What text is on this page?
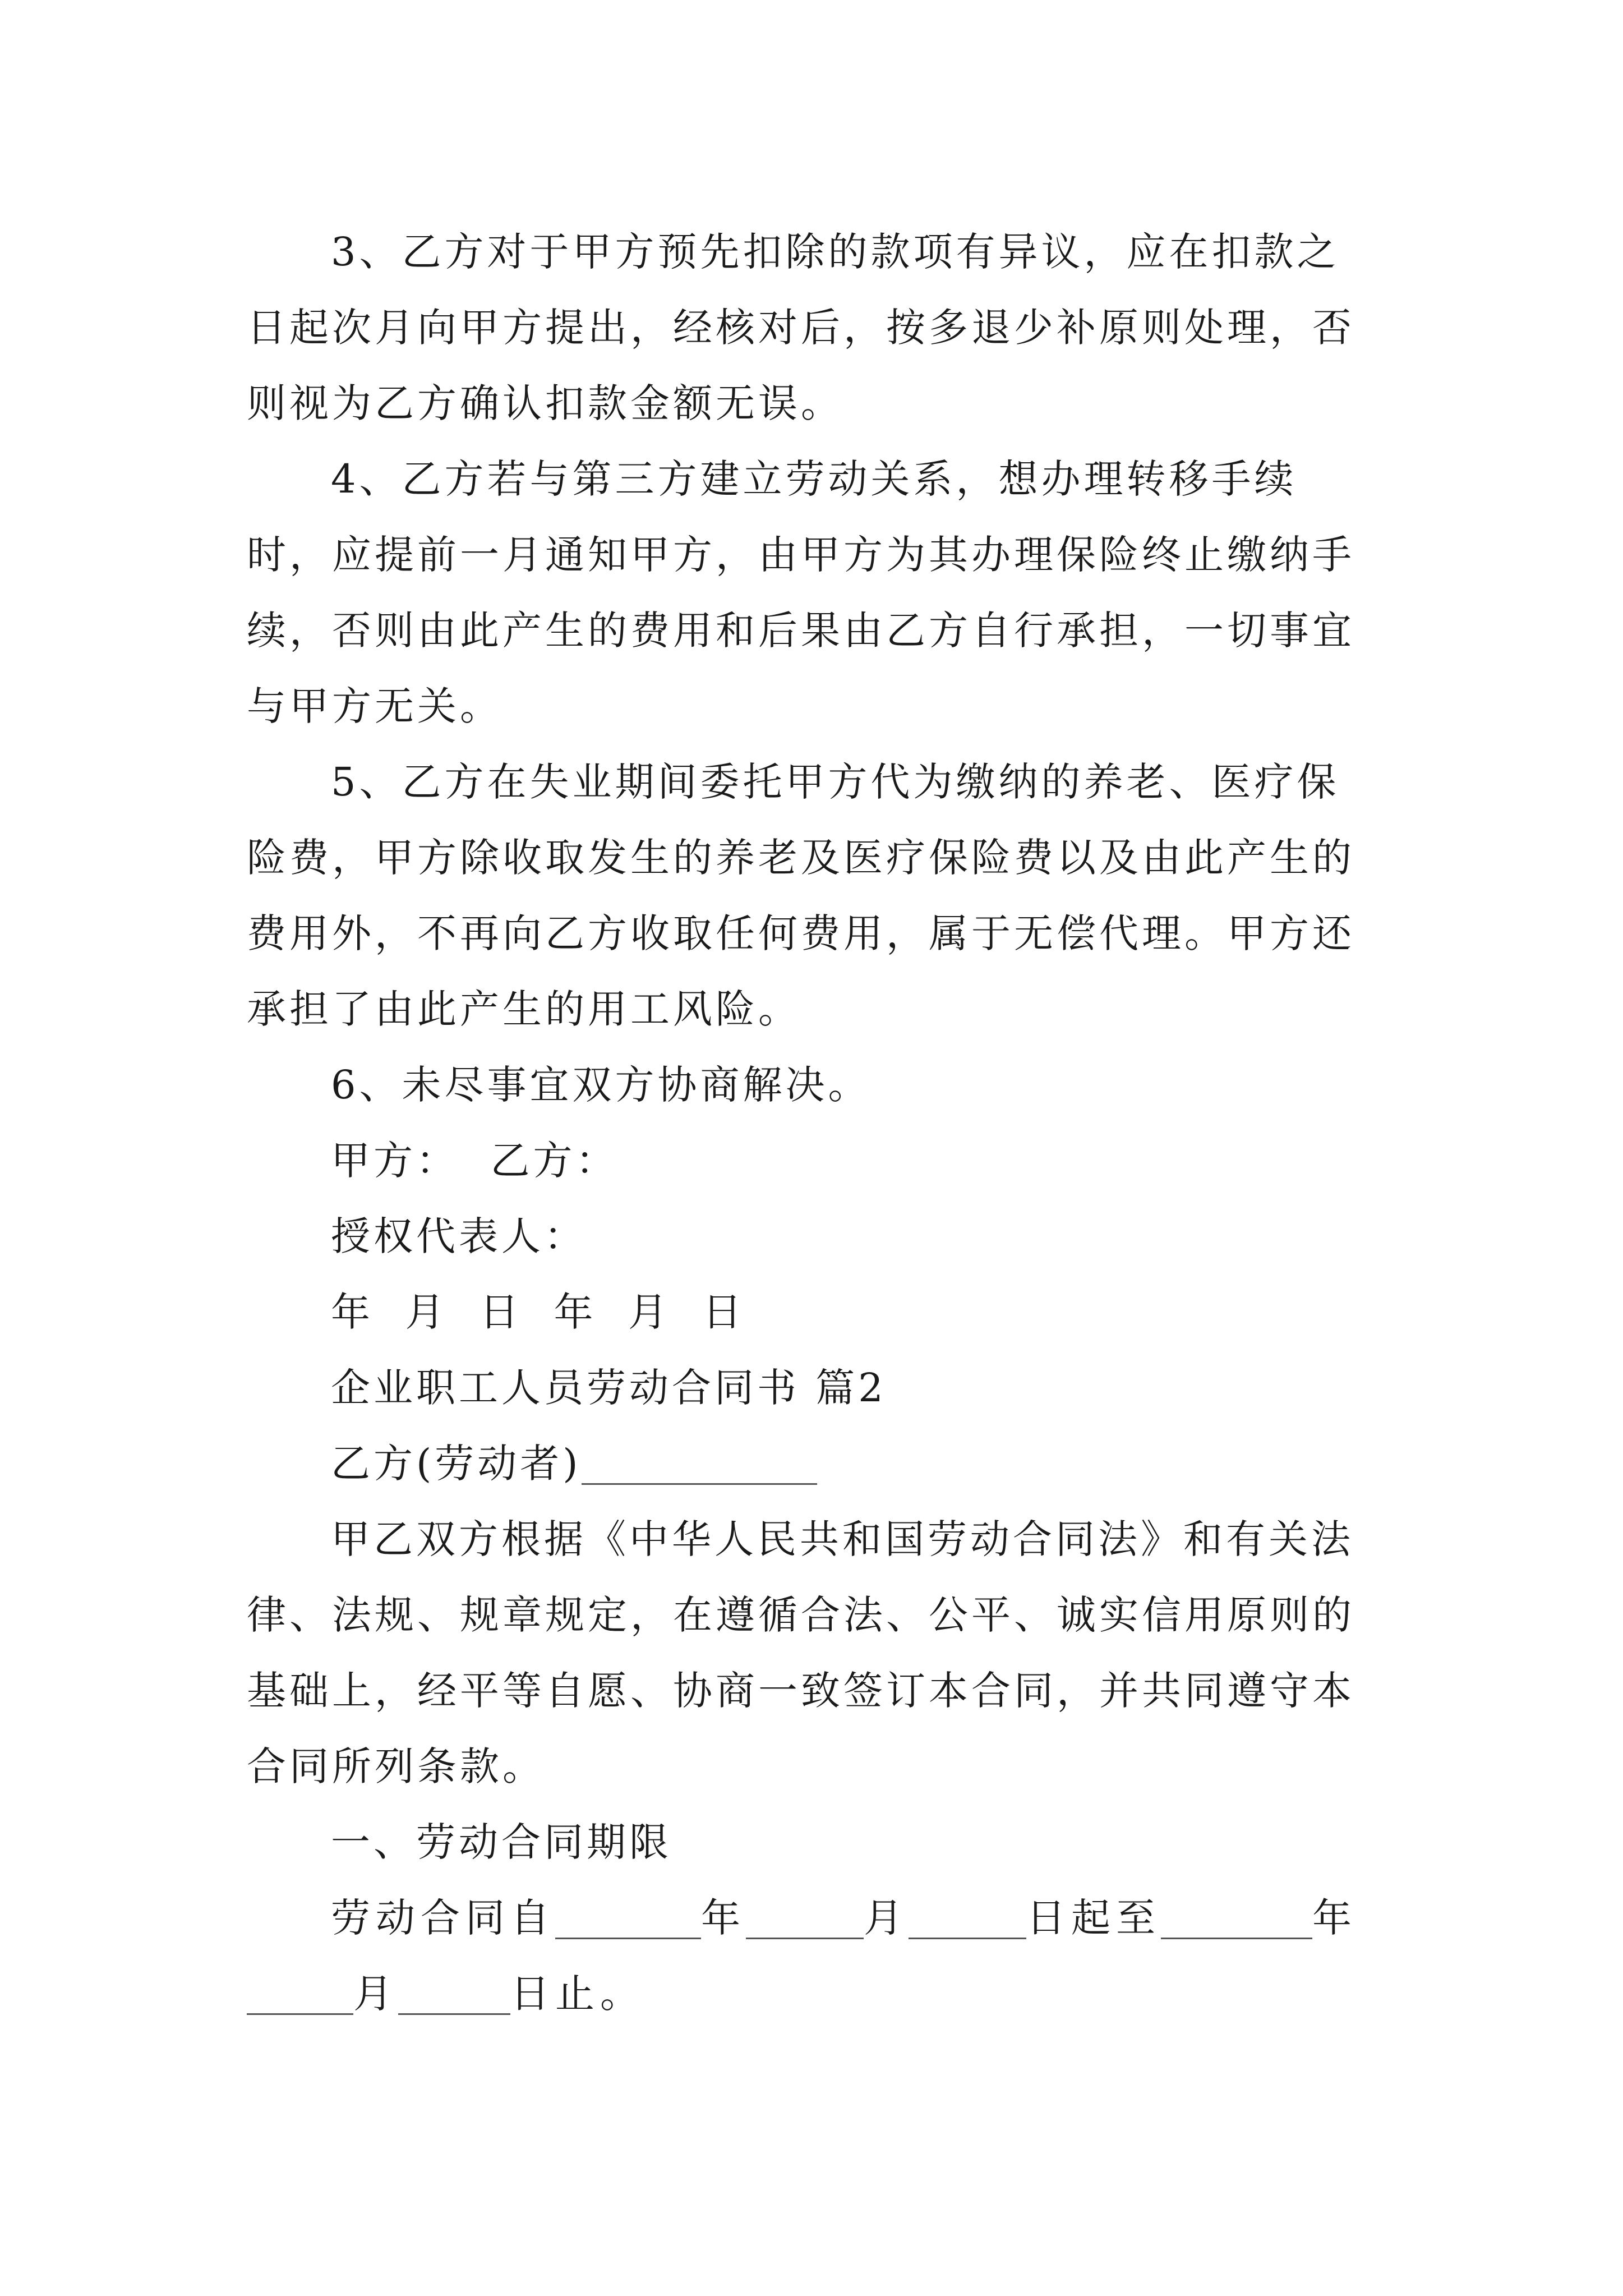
3、乙方对于甲方预先扣除的款项有异议，应在扣款之日起次月向甲方提出，经核对后，按多退少补原则处理，否则视为乙方确认扣款金额无误。

4、乙方若与第三方建立劳动关系，想办理转移手续时，应提前一月通知甲方，由甲方为其办理保险终止缴纳手续，否则由此产生的费用和后果由乙方自行承担，一切事宜与甲方无关。

5、乙方在失业期间委托甲方代为缴纳的养老、医疗保险费，甲方除收取发生的养老及医疗保险费以及由此产生的费用外，不再向乙方收取任何费用，属于无偿代理。甲方还承担了由此产生的用工风险。

6、未尽事宜双方协商解决。

甲方：  乙方：

授权代表人：

年  月  日  年  月  日

企业职工人员劳动合同书 篇2

乙方(劳动者)

甲乙双方根据《中华人民共和国劳动合同法》和有关法律、法规、规章规定，在遵循合法、公平、诚实信用原则的基础上，经平等自愿、协商一致签订本合同，并共同遵守本合同所列条款。

一、劳动合同期限

劳动合同自	年	月	日起至	年

月	日止。
